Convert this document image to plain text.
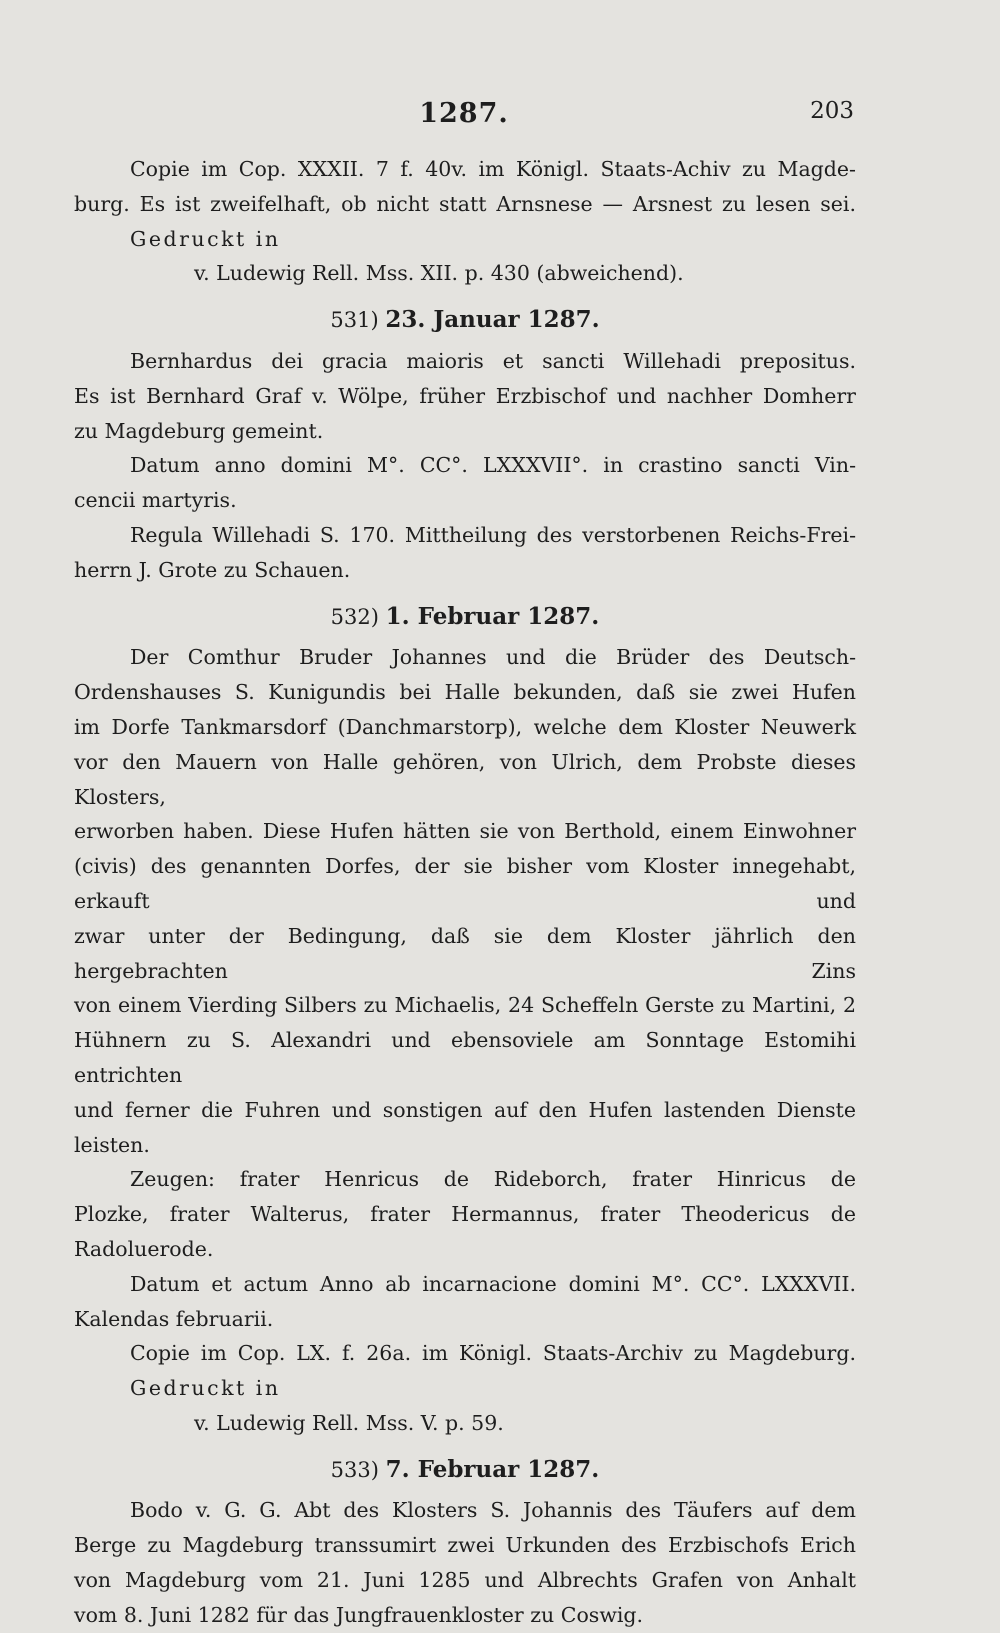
1287.	203

Copie im Cop. XXXII. 7 f. 40v. im Königl. Staats-Achiv zu Magde-

burg. Es ist zweifelhaft, ob nicht statt Arnsnese — Arsnest zu lesen sei.

Gedruckt in

v. Ludewig Rell. Mss. XII. p. 430 (abweichend).

531) 23. Januar 1287.

Bernhardus dei gracia maioris et sancti Willehadi prepositus.

Es ist Bernhard Graf v. Wölpe, früher Erzbischof und nachher Domherr

zu Magdeburg gemeint.

Datum anno domini M°. CC°. LXXXVII°. in crastino sancti Vin-

cencii martyris.

Regula Willehadi S. 170. Mittheilung des verstorbenen Reichs-Frei-

herrn J. Grote zu Schauen.

532) 1. Februar 1287.

Der Comthur Bruder Johannes und die Brüder des Deutsch-

Ordenshauses S. Kunigundis bei Halle bekunden, daß sie zwei Hufen

im Dorfe Tankmarsdorf (Danchmarstorp), welche dem Kloster Neuwerk

vor den Mauern von Halle gehören, von Ulrich, dem Probste dieses Klosters,

erworben haben. Diese Hufen hätten sie von Berthold, einem Einwohner

(civis) des genannten Dorfes, der sie bisher vom Kloster innegehabt, erkauft und

zwar unter der Bedingung, daß sie dem Kloster jährlich den hergebrachten Zins

von einem Vierding Silbers zu Michaelis, 24 Scheffeln Gerste zu Martini, 2

Hühnern zu S. Alexandri und ebensoviele am Sonntage Estomihi entrichten

und ferner die Fuhren und sonstigen auf den Hufen lastenden Dienste leisten.

Zeugen: frater Henricus de Rideborch, frater Hinricus de

Plozke, frater Walterus, frater Hermannus, frater Theodericus de

Radoluerode.

Datum et actum Anno ab incarnacione domini M°. CC°. LXXXVII.

Kalendas februarii.

Copie im Cop. LX. f. 26a. im Königl. Staats-Archiv zu Magdeburg.

Gedruckt in

v. Ludewig Rell. Mss. V. p. 59.

533) 7. Februar 1287.

Bodo v. G. G. Abt des Klosters S. Johannis des Täufers auf dem

Berge zu Magdeburg transsumirt zwei Urkunden des Erzbischofs Erich

von Magdeburg vom 21. Juni 1285 und Albrechts Grafen von Anhalt

vom 8. Juni 1282 für das Jungfrauenkloster zu Coswig.
